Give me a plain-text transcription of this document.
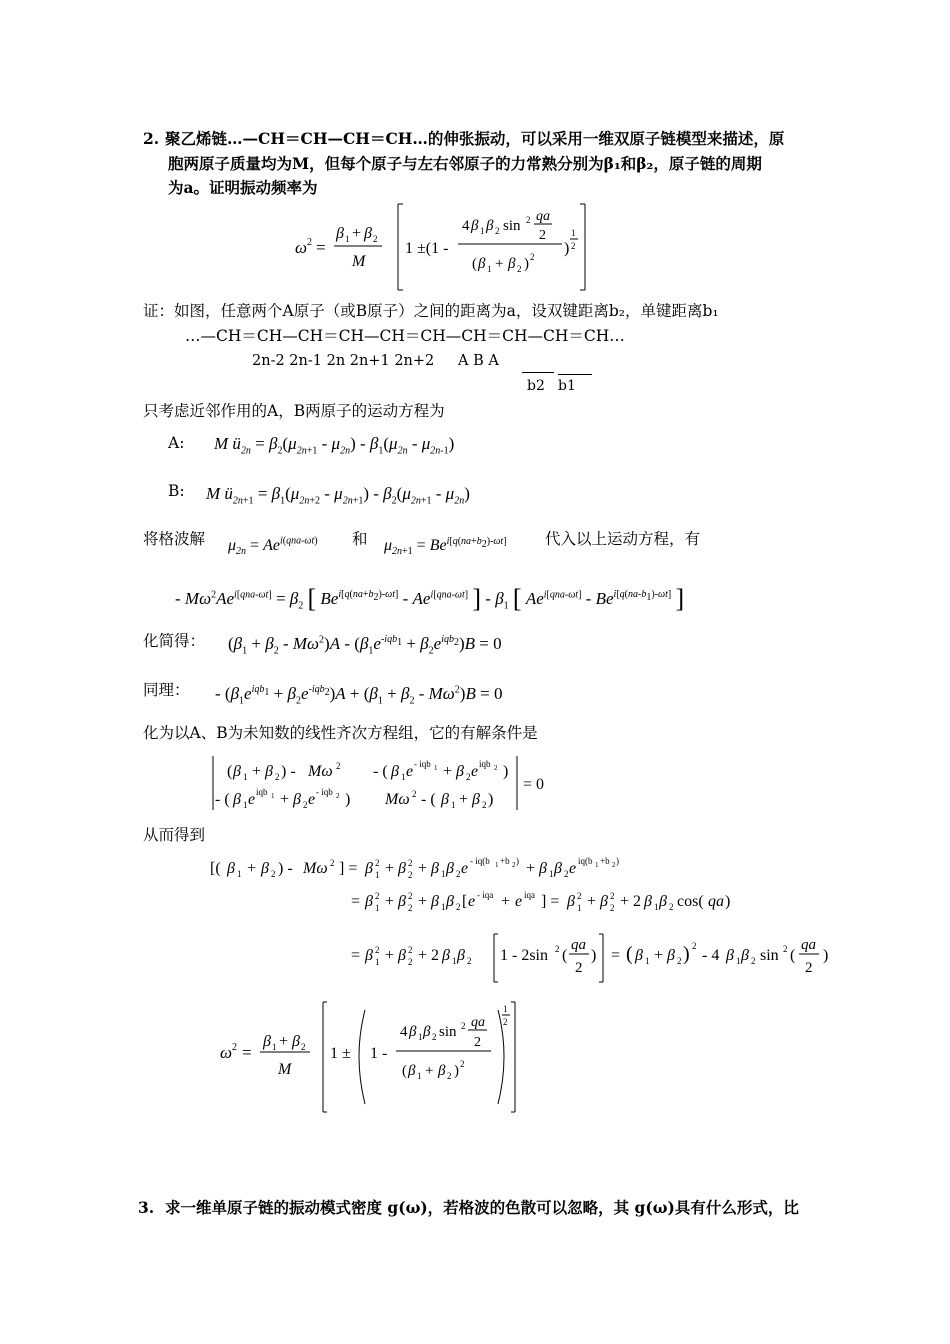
2. 聚乙烯链…—CH＝CH—CH＝CH…的伸张振动，可以采用一维双原子链模型来描述，原
胞两原子质量均为M，但每个原子与左右邻原子的力常熟分别为β₁和β₂，原子链的周期
为a。证明振动频率为
ω 2 =
β 1 + β 2
M
1 ±(1 -
4 β 1 β 2 sin 2 qa
2
( β 1 + β 2 ) 2 )
1
2
证：如图，任意两个A原子（或B原子）之间的距离为a，设双键距离b₂，单键距离b₁
…—CH＝CH—CH＝CH—CH＝CH—CH＝CH—CH＝CH…
2n-2 2n-1 2n 2n+1 2n+2 A B A
b2 b1
只考虑近邻作用的A，B两原子的运动方程为
A: M $ü_{2n} = \beta_2(\mu_{2n+1} - \mu_{2n}) - \beta_1(\mu_{2n} - \mu_{2n-1})$
B: M $ü_{2n+1} = \beta_1(\mu_{2n+2} - \mu_{2n+1}) - \beta_2(\mu_{2n+1} - \mu_{2n})$
将格波解 $\mu_{2n} = Ae^{i(qna-\omega t)}$ 和 $\mu_{2n+1} = Be^{i[q(na+b_2)-\omega t]}$ 代入以上运动方程，有
- $M\omega^2Ae^{i[qna-\omega t]} = \beta_2$ [ $Be^{i[q(na+b_2)-\omega t]} - Ae^{i[qna-\omega t]}$ ] - $\beta_1$ [ $Ae^{i[qna-\omega t]} - Be^{i[q(na-b_1)-\omega t]}$ ]
化简得： $(\beta_1 + \beta_2 - M\omega^2)A - (\beta_1e^{-iqb_1} + \beta_2e^{iqb_2})B = 0$
同理： - $(\beta_1e^{iqb_1} + \beta_2e^{-iqb_2})A + (\beta_1 + \beta_2 - M\omega^2)B = 0$
化为以A、B为未知数的线性齐次方程组，它的有解条件是
( β 1 + β 2 ) - Mω 2 - ( β 1 e - iqb 1 + β 2 e iqb 2 )
- ( β 1 e iqb 1 + β 2 e - iqb 2 ) Mω 2 - ( β 1 + β 2 )
= 0
从而得到
[( β 1 + β 2 ) - Mω 2 ] = β 2
1 + β 2
2 + β 1 β 2 e - iq(b 1 +b 2 ) + β 1 β 2 e iq(b 1 +b 2 )
= β 2
1 + β 2
2 + β 1 β 2 [ e - iqa + e iqa ] = β 2
1 + β 2
2 + 2 β 1 β 2 cos( qa )
= β 2
1 + β 2
2 + 2 β 1 β 2 1 - 2sin 2 (
qa
2
) = ( β 1 + β 2 ) 2
- 4 β 1 β 2 sin 2 (
qa
2
)
ω 2 =
β 1 + β 2
M
1 ± 1 -
4 β 1 β 2 sin 2 qa
2
( β 1 + β 2 ) 2
1
2
3. 求一维单原子链的振动模式密度 g(ω)，若格波的色散可以忽略，其 g(ω)具有什么形式，比
